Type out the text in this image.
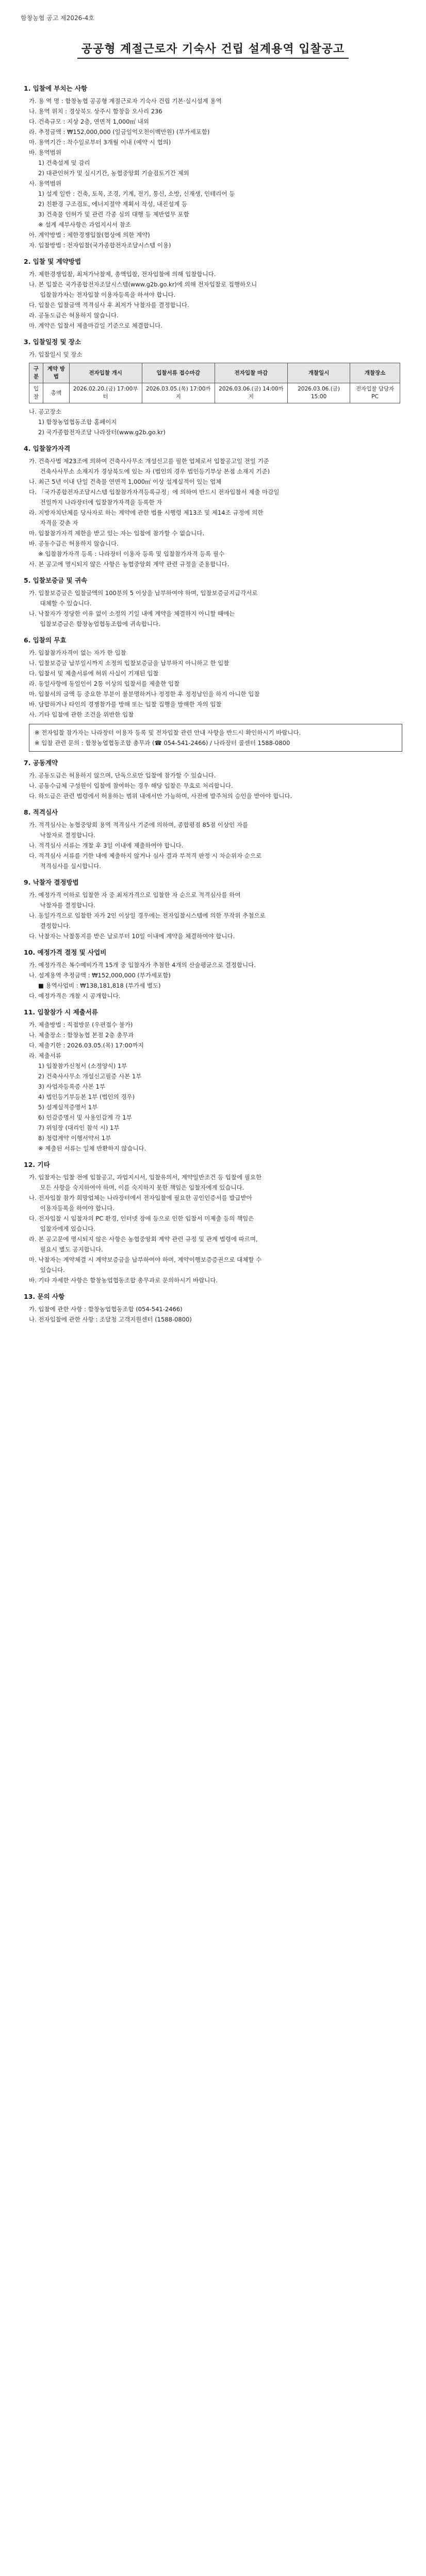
함창농협 공고 제2026-4호
공공형 계절근로자 기숙사 건립 설계용역 입찰공고
1. 입찰에 부치는 사항
가. 용 역 명 : 함창농협 공공형 계절근로자 기숙사 건립 기본·실시설계 용역
나. 용역 위치 : 경상북도 상주시 함창읍 오사리 236
다. 건축규모 : 지상 2층, 연면적 1,000㎡ 내외
라. 추정금액 : ₩152,000,000 (일금일억오천이백만원) (부가세포함)
마. 용역기간 : 착수일로부터 3개월 이내 (예약 시 협의)
바. 용역범위
1) 건축설계 및 감리
2) 대관인허가 및 실시기간, 농협중앙회 기술검토기간 제외
사. 용역범위
1) 설계 일반 : 건축, 토목, 조경, 기계, 전기, 통신, 소방, 신재생, 인테리어 등
2) 친환경 구조검토, 에너지절약 계획서 작성, 내진설계 등
3) 건축물 인허가 및 관련 각종 심의 대행 등 제반업무 포함
※ 설계 세부사항은 과업지시서 참조
아. 계약방법 : 제한경쟁입찰(협상에 의한 계약)
자. 입찰방법 : 전자입찰(국가종합전자조달시스템 이용)
2. 입찰 및 계약방법
가. 제한경쟁입찰, 최저가낙찰제, 총액입찰, 전자입찰에 의해 입찰합니다.
나. 본 입찰은 국가종합전자조달시스템(www.g2b.go.kr)에 의해 전자입찰로 집행하오니
입찰참가자는 전자입찰 이용자등록을 하셔야 합니다.
다. 입찰은 입찰금액 적격심사 후 최저가 낙찰자를 결정합니다.
라. 공동도급은 허용하지 않습니다.
마. 계약은 입찰서 제출마감일 기준으로 체결합니다.
3. 입찰일정 및 장소
가. 입찰일시 및 장소
구분	계약 방법	전자입찰 개시	입찰서류 접수마감	전자입찰 마감	개찰일시	개찰장소
입찰	총액	2026.02.20.(금) 17:00부터	2026.03.05.(목) 17:00까지	2026.03.06.(금) 14:00까지	2026.03.06.(금) 15:00	전자입찰 담당자 PC
나. 공고장소
1) 함창농업협동조합 홈페이지
2) 국가종합전자조달 나라장터(www.g2b.go.kr)
4. 입찰참가자격
가. 건축사법 제23조에 의하여 건축사사무소 개설신고를 필한 업체로서 입찰공고일 전일 기준
건축사사무소 소재지가 경상북도에 있는 자 (법인의 경우 법인등기부상 본점 소재지 기준)
나. 최근 5년 이내 단일 건축물 연면적 1,000㎡ 이상 설계실적이 있는 업체
다. 「국가종합전자조달시스템 입찰참가자격등록규정」에 의하여 반드시 전자입찰서 제출 마감일
전일까지 나라장터에 입찰참가자격을 등록한 자
라. 지방자치단체를 당사자로 하는 계약에 관한 법률 시행령 제13조 및 제14조 규정에 의한
자격을 갖춘 자
마. 입찰참가자격 제한을 받고 있는 자는 입찰에 참가할 수 없습니다.
바. 공동수급은 허용하지 않습니다.
※ 입찰참가자격 등록 : 나라장터 이용자 등록 및 입찰참가자격 등록 필수
사. 본 공고에 명시되지 않은 사항은 농협중앙회 계약 관련 규정을 준용합니다.
5. 입찰보증금 및 귀속
가. 입찰보증금은 입찰금액의 100분의 5 이상을 납부하여야 하며, 입찰보증금지급각서로
대체할 수 있습니다.
나. 낙찰자가 정당한 이유 없이 소정의 기일 내에 계약을 체결하지 아니할 때에는
입찰보증금은 함창농업협동조합에 귀속합니다.
6. 입찰의 무효
가. 입찰참가자격이 없는 자가 한 입찰
나. 입찰보증금 납부일시까지 소정의 입찰보증금을 납부하지 아니하고 한 입찰
다. 입찰서 및 제출서류에 허위 사실이 기재된 입찰
라. 동일사항에 동일인이 2통 이상의 입찰서를 제출한 입찰
마. 입찰서의 금액 등 중요한 부분이 불분명하거나 정정한 후 정정날인을 하지 아니한 입찰
바. 담합하거나 타인의 경쟁참가를 방해 또는 입찰 집행을 방해한 자의 입찰
사. 기타 입찰에 관한 조건을 위반한 입찰
※ 전자입찰 참가자는 나라장터 이용자 등록 및 전자입찰 관련 안내 사항을 반드시 확인하시기 바랍니다.
※ 입찰 관련 문의 : 함창농업협동조합 총무과 (☎ 054-541-2466) / 나라장터 콜센터 1588-0800
7. 공동계약
가. 공동도급은 허용하지 않으며, 단독으로만 입찰에 참가할 수 있습니다.
나. 공동수급체 구성원이 입찰에 참여하는 경우 해당 입찰은 무효로 처리합니다.
다. 하도급은 관련 법령에서 허용하는 범위 내에서만 가능하며, 사전에 발주처의 승인을 받아야 합니다.
8. 적격심사
가. 적격심사는 농협중앙회 용역 적격심사 기준에 의하며, 종합평점 85점 이상인 자를
낙찰자로 결정합니다.
나. 적격심사 서류는 개찰 후 3일 이내에 제출하여야 합니다.
다. 적격심사 서류를 기한 내에 제출하지 않거나 심사 결과 부적격 판정 시 차순위자 순으로
적격심사를 실시합니다.
9. 낙찰자 결정방법
가. 예정가격 이하로 입찰한 자 중 최저가격으로 입찰한 자 순으로 적격심사를 하여
낙찰자를 결정합니다.
나. 동일가격으로 입찰한 자가 2인 이상일 경우에는 전자입찰시스템에 의한 무작위 추첨으로
결정합니다.
다. 낙찰자는 낙찰통지를 받은 날로부터 10일 이내에 계약을 체결하여야 합니다.
10. 예정가격 결정 및 사업비
가. 예정가격은 복수예비가격 15개 중 입찰자가 추첨한 4개의 산술평균으로 결정합니다.
나. 설계용역 추정금액 : ₩152,000,000 (부가세포함)
■ 용역사업비 : ₩138,181,818 (부가세 별도)
다. 예정가격은 개찰 시 공개합니다.
11. 입찰참가 시 제출서류
가. 제출방법 : 직접방문 (우편접수 불가)
나. 제출장소 : 함창농협 본점 2층 총무과
다. 제출기한 : 2026.03.05.(목) 17:00까지
라. 제출서류
1) 입찰참가신청서 (소정양식) 1부
2) 건축사사무소 개설신고필증 사본 1부
3) 사업자등록증 사본 1부
4) 법인등기부등본 1부 (법인의 경우)
5) 설계실적증명서 1부
6) 인감증명서 및 사용인감계 각 1부
7) 위임장 (대리인 참석 시) 1부
8) 청렴계약 이행서약서 1부
※ 제출된 서류는 일체 반환하지 않습니다.
12. 기타
가. 입찰자는 입찰 전에 입찰공고, 과업지시서, 입찰유의서, 계약일반조건 등 입찰에 필요한
모든 사항을 숙지하여야 하며, 이를 숙지하지 못한 책임은 입찰자에게 있습니다.
나. 전자입찰 참가 희망업체는 나라장터에서 전자입찰에 필요한 공인인증서를 발급받아
이용자등록을 하여야 합니다.
다. 전자입찰 시 입찰자의 PC 환경, 인터넷 장애 등으로 인한 입찰서 미제출 등의 책임은
입찰자에게 있습니다.
라. 본 공고문에 명시되지 않은 사항은 농협중앙회 계약 관련 규정 및 관계 법령에 따르며,
필요시 별도 공지합니다.
마. 낙찰자는 계약체결 시 계약보증금을 납부하여야 하며, 계약이행보증증권으로 대체할 수
있습니다.
바. 기타 자세한 사항은 함창농업협동조합 총무과로 문의하시기 바랍니다.
13. 문의 사항
가. 입찰에 관한 사항 : 함창농업협동조합 (054-541-2466)
나. 전자입찰에 관한 사항 : 조달청 고객지원센터 (1588-0800)
